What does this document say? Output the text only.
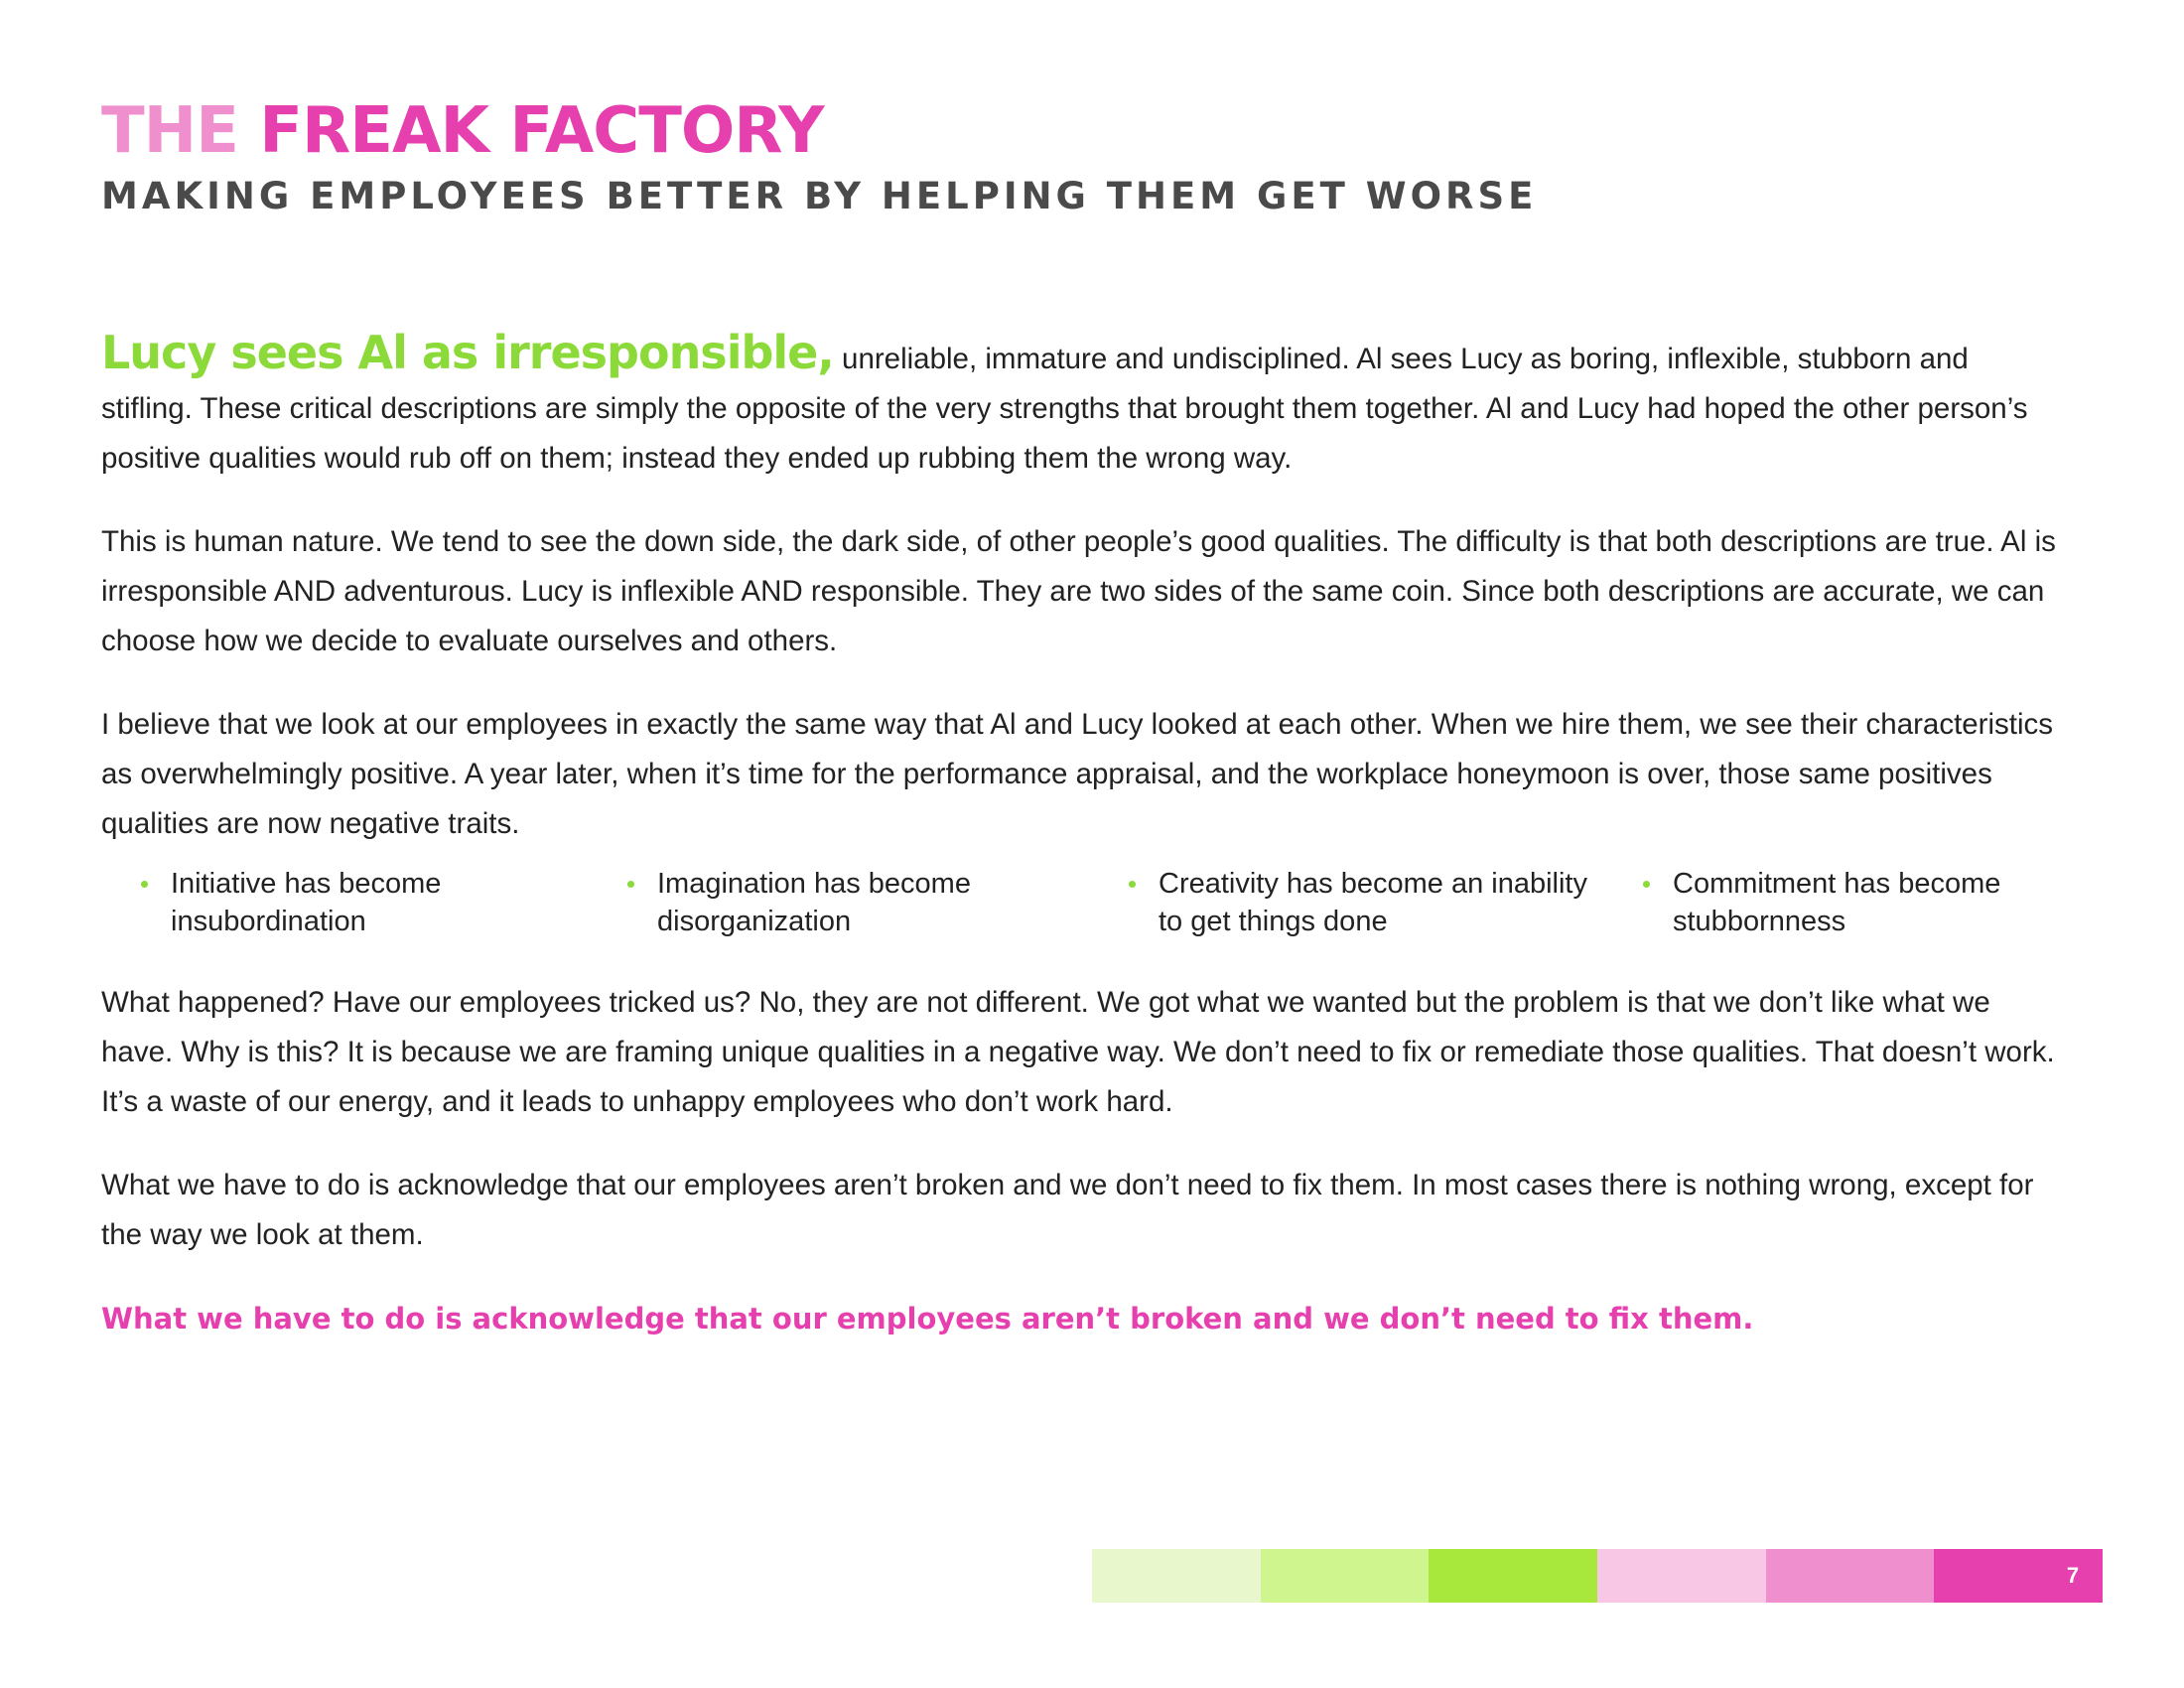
THE FREAK FACTORY
MAKING EMPLOYEES BETTER BY HELPING THEM GET WORSE

Lucy sees Al as irresponsible, unreliable, immature and undisciplined. Al sees Lucy as boring, inflexible, stubborn and stifling. These critical descriptions are simply the opposite of the very strengths that brought them together. Al and Lucy had hoped the other person’s positive qualities would rub off on them; instead they ended up rubbing them the wrong way.

This is human nature. We tend to see the down side, the dark side, of other people’s good qualities. The difficulty is that both descriptions are true. Al is irresponsible AND adventurous. Lucy is inflexible AND responsible. They are two sides of the same coin. Since both descriptions are accurate, we can choose how we decide to evaluate ourselves and others.

I believe that we look at our employees in exactly the same way that Al and Lucy looked at each other. When we hire them, we see their characteristics as overwhelmingly positive. A year later, when it’s time for the performance appraisal, and the workplace honeymoon is over, those same positives qualities are now negative traits.

Initiative has become insubordination
Imagination has become disorganization
Creativity has become an inability to get things done
Commitment has become stubbornness

What happened? Have our employees tricked us? No, they are not different. We got what we wanted but the problem is that we don’t like what we have. Why is this? It is because we are framing unique qualities in a negative way. We don’t need to fix or remediate those qualities. That doesn’t work. It’s a waste of our energy, and it leads to unhappy employees who don’t work hard.

What we have to do is acknowledge that our employees aren’t broken and we don’t need to fix them. In most cases there is nothing wrong, except for the way we look at them.

What we have to do is acknowledge that our employees aren’t broken and we don’t need to fix them.

7
